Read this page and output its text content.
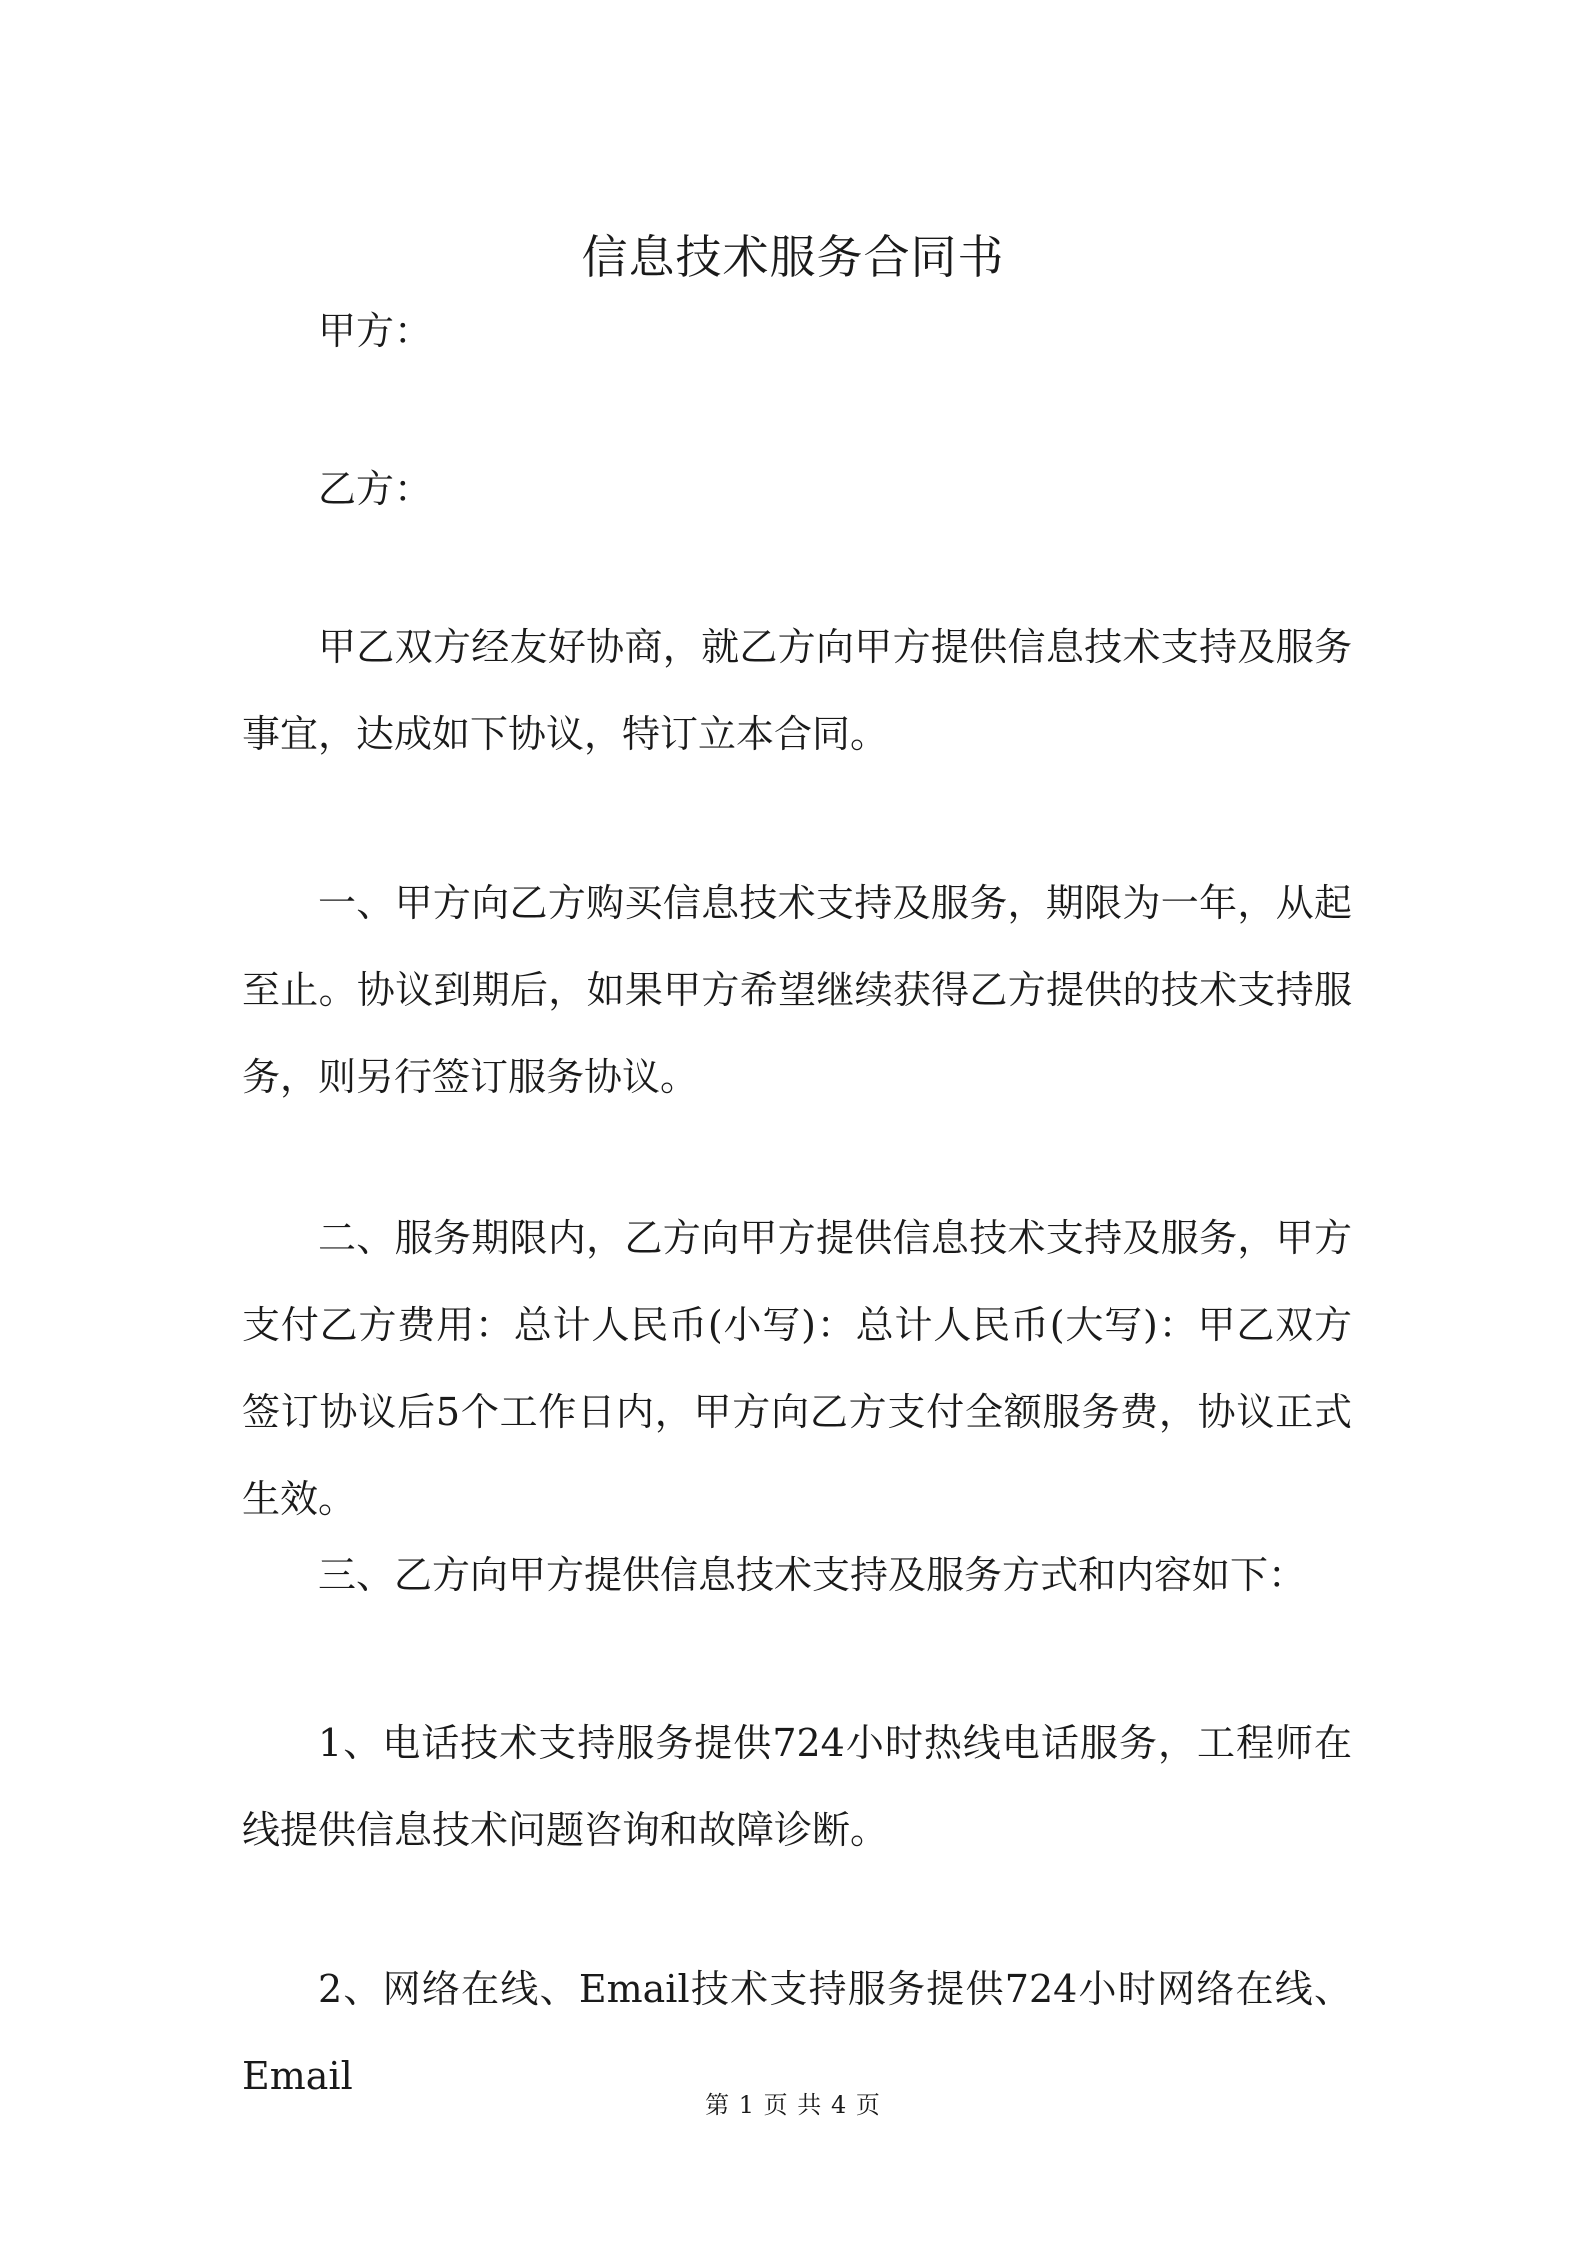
信息技术服务合同书

甲方：

乙方：

甲乙双方经友好协商，就乙方向甲方提供信息技术支持及服务事宜，达成如下协议，特订立本合同。

一、甲方向乙方购买信息技术支持及服务，期限为一年，从起至止。协议到期后，如果甲方希望继续获得乙方提供的技术支持服务，则另行签订服务协议。

二、服务期限内，乙方向甲方提供信息技术支持及服务，甲方支付乙方费用：总计人民币(小写)：总计人民币(大写)：甲乙双方签订协议后5个工作日内，甲方向乙方支付全额服务费，协议正式生效。

三、乙方向甲方提供信息技术支持及服务方式和内容如下：

1、电话技术支持服务提供724小时热线电话服务，工程师在线提供信息技术问题咨询和故障诊断。

2、网络在线、Email技术支持服务提供724小时网络在线、Email

第 1 页 共 4 页
